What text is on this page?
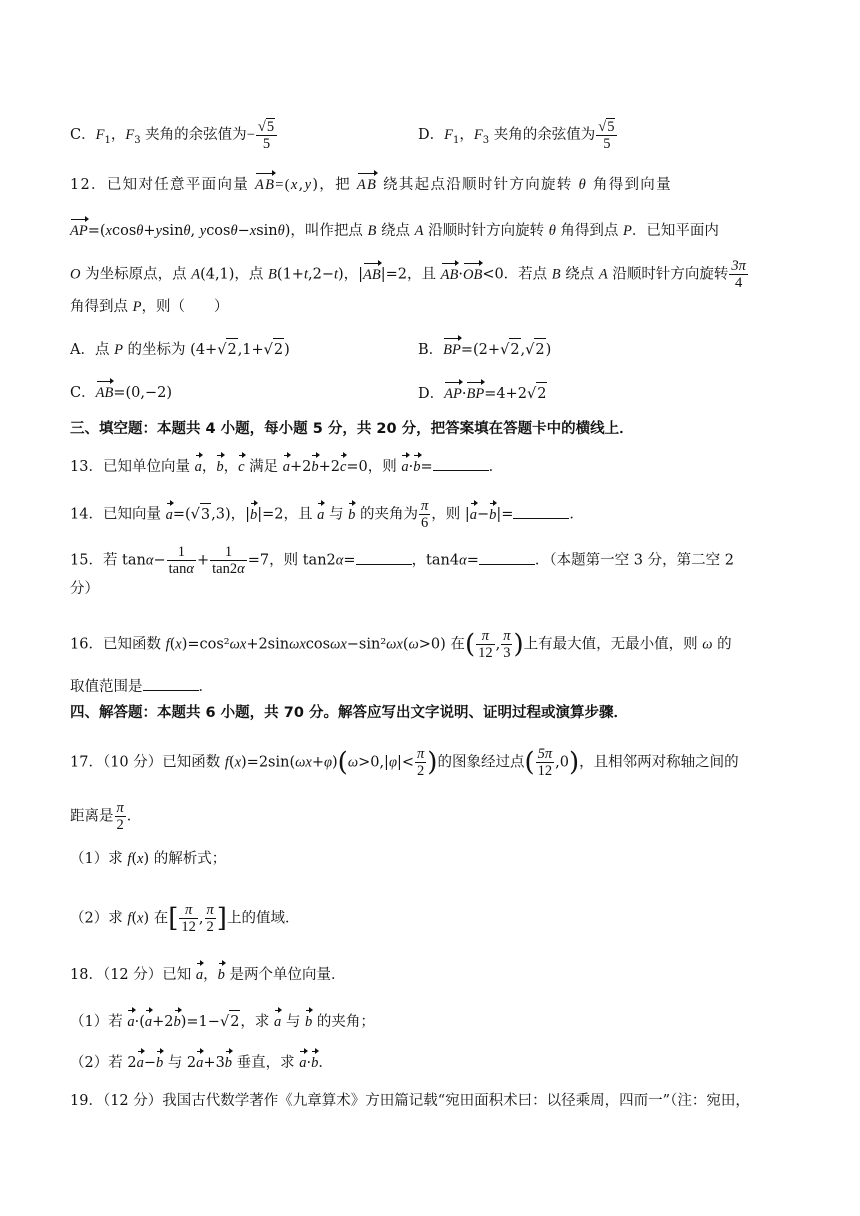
C．$F_1$，$F_3$ 夹角的余弦值为− $\frac{√5}{5}$	D．$F_1$，$F_3$ 夹角的余弦值为 $\frac{√5}{5}$
12．已知对任意平面向量 AB=(x,y)，把 AB 绕其起点沿顺时针方向旋转 θ 角得到向量
AP=(xcosθ+ysinθ, ycosθ−xsinθ)，叫作把点 B 绕点 A 沿顺时针方向旋转 θ 角得到点 P．已知平面内
O 为坐标原点，点 A(4,1)，点 B(1+t,2−t)，|AB|=2，且 AB·OB<0．若点 B 绕点 A 沿顺时针方向旋转 $\frac{3\pi}{4}$
角得到点 P，则（　　）
A．点 P 的坐标为 (4+√2,1+√2)	B．BP=(2+√2,√2)
C．AB=(0,−2)	D．AP·BP=4+2√2
三、填空题：本题共 4 小题，每小题 5 分，共 20 分，把答案填在答题卡中的横线上．
13．已知单位向量 a，b，c 满足 a+2b+2c=0，则 a·b=	．
14．已知向量 a=(√3,3)，|b|=2，且 a 与 b 的夹角为 $\frac{\pi}{6}$ ，则 |a−b|=	．
15．若 $\tan\alpha- \frac{1}{\tan\alpha} + \frac{1}{\tan 2\alpha} =7$，则 tan2α=	，tan4α=	．（本题第一空 3 分，第二空 2
分）
16．已知函数 f(x)=cos²ωx+2sinωxcosωx−sin²ωx(ω>0) 在( $\frac{\pi}{12}$ , $\frac{\pi}{3}$ )上有最大值，无最小值，则 ω 的
取值范围是	．
四、解答题：本题共 6 小题，共 70 分。解答应写出文字说明、证明过程或演算步骤．
17．（10 分）已知函数 $f(x)=2\sin(\omega x+\varphi)(\omega>0,|\varphi|< \frac{\pi}{2}$ )的图象经过点( $\frac{5\pi}{12} ,0$)，且相邻两对称轴之间的
距离是 $\frac{\pi}{2}$ ．
（1）求 f(x) 的解析式；
（2）求 f(x) 在[ $\frac{\pi}{12}$ , $\frac{\pi}{2}$ ]上的值域．
18．（12 分）已知 a，b 是两个单位向量．
（1）若 a·(a+2b)=1−√2，求 a 与 b 的夹角；
（2）若 2a−b 与 2a+3b 垂直，求 a·b．
19．（12 分）我国古代数学著作《九章算术》方田篇记载“宛田面积术曰：以径乘周，四而一”（注：宛田，
